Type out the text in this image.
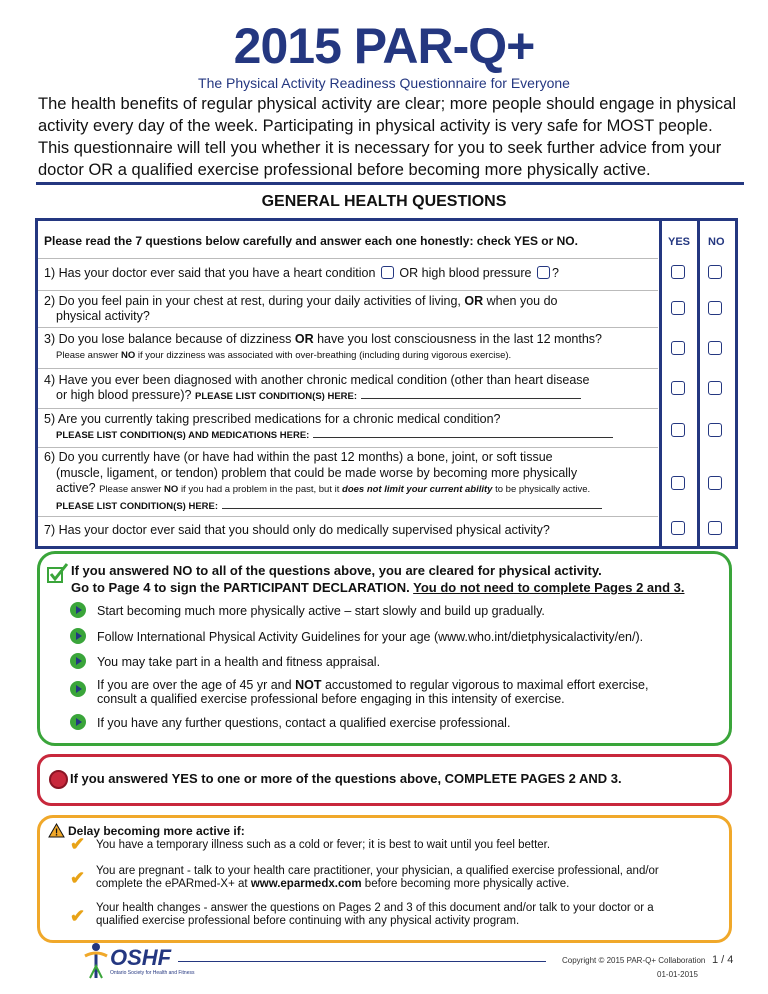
2015 PAR-Q+
The Physical Activity Readiness Questionnaire for Everyone
The health benefits of regular physical activity are clear; more people should engage in physical activity every day of the week. Participating in physical activity is very safe for MOST people. This questionnaire will tell you whether it is necessary for you to seek further advice from your doctor OR a qualified exercise professional before becoming more physically active.
GENERAL HEALTH QUESTIONS
Please read the 7 questions below carefully and answer each one honestly: check YES or NO.	YES NO
1) Has your doctor ever said that you have a heart condition OR high blood pressure ?
2) Do you feel pain in your chest at rest, during your daily activities of living, OR when you do
physical activity?
3) Do you lose balance because of dizziness OR have you lost consciousness in the last 12 months?
Please answer NO if your dizziness was associated with over-breathing (including during vigorous exercise).
4) Have you ever been diagnosed with another chronic medical condition (other than heart disease
or high blood pressure)? PLEASE LIST CONDITION(S) HERE:
5) Are you currently taking prescribed medications for a chronic medical condition?
PLEASE LIST CONDITION(S) AND MEDICATIONS HERE:
6) Do you currently have (or have had within the past 12 months) a bone, joint, or soft tissue
(muscle, ligament, or tendon) problem that could be made worse by becoming more physically
active? Please answer NO if you had a problem in the past, but it does not limit your current ability to be physically active.
PLEASE LIST CONDITION(S) HERE:
7) Has your doctor ever said that you should only do medically supervised physical activity?
If you answered NO to all of the questions above, you are cleared for physical activity.
Go to Page 4 to sign the PARTICIPANT DECLARATION. You do not need to complete Pages 2 and 3.
Start becoming much more physically active – start slowly and build up gradually.
Follow International Physical Activity Guidelines for your age (www.who.int/dietphysicalactivity/en/).
You may take part in a health and fitness appraisal.
If you are over the age of 45 yr and NOT accustomed to regular vigorous to maximal effort exercise,
consult a qualified exercise professional before engaging in this intensity of exercise.
If you have any further questions, contact a qualified exercise professional.
If you answered YES to one or more of the questions above, COMPLETE PAGES 2 AND 3.
! Delay becoming more active if:
✔ You have a temporary illness such as a cold or fever; it is best to wait until you feel better.
✔ You are pregnant - talk to your health care practitioner, your physician, a qualified exercise professional, and/or
complete the ePARmed-X+ at www.eparmedx.com before becoming more physically active.
✔ Your health changes - answer the questions on Pages 2 and 3 of this document and/or talk to your doctor or a
qualified exercise professional before continuing with any physical activity program.
OSHF
Ontario Society for Health and Fitness
Copyright © 2015 PAR-Q+ Collaboration 1 / 4
01-01-2015
